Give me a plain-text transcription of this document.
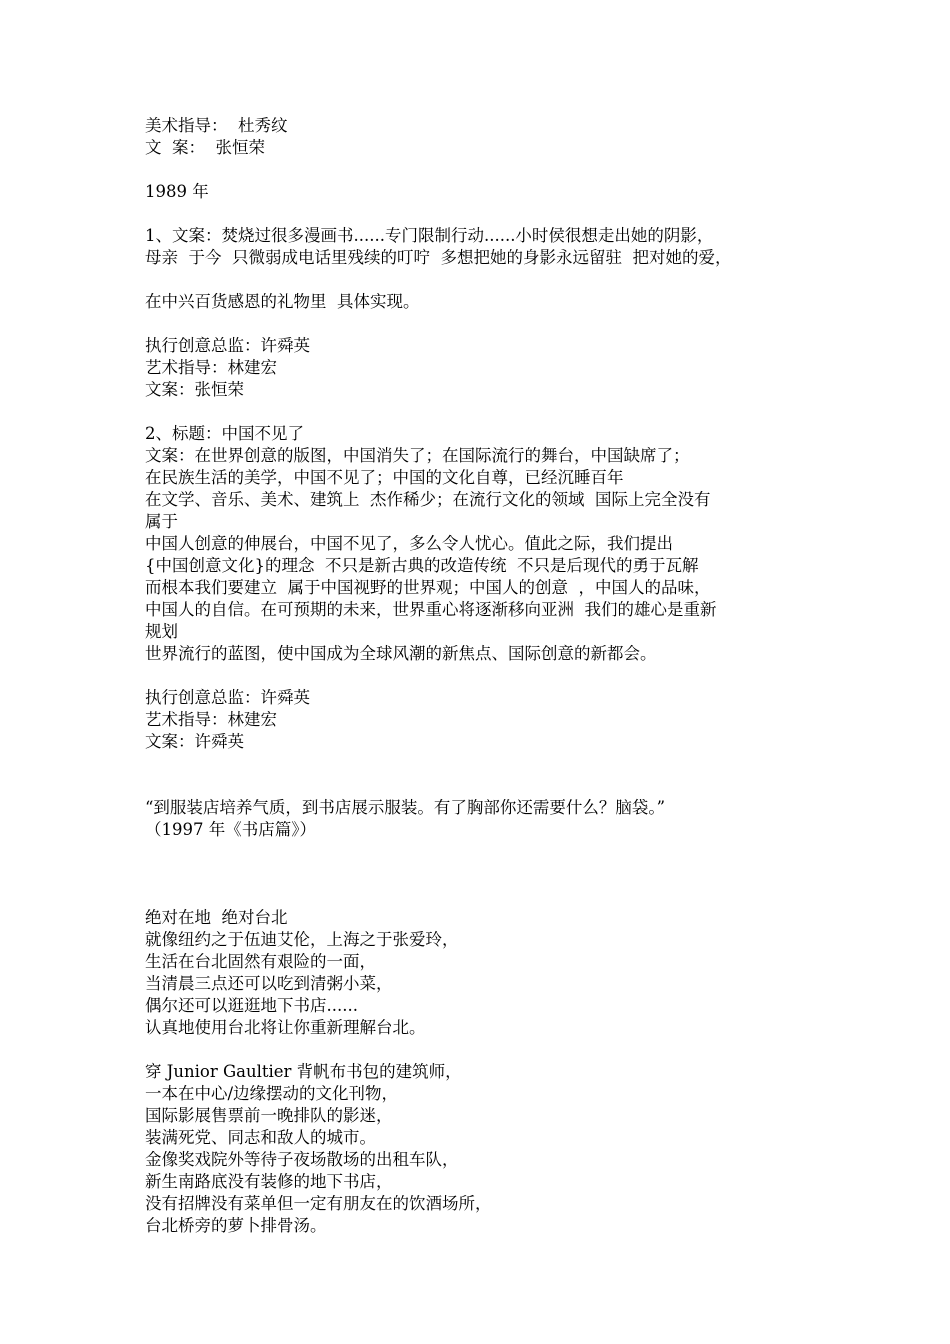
美术指导：  杜秀纹
文  案：  张恒荣
1989 年
1、文案：焚烧过很多漫画书......专门限制行动......小时侯很想走出她的阴影，
母亲  于今  只微弱成电话里残续的叮咛  多想把她的身影永远留驻  把对她的爱，
在中兴百货感恩的礼物里  具体实现。
执行创意总监：许舜英
艺术指导：林建宏
文案：张恒荣
2、标题：中国不见了
文案：在世界创意的版图，中国消失了；在国际流行的舞台，中国缺席了；
在民族生活的美学，中国不见了；中国的文化自尊，已经沉睡百年
在文学、音乐、美术、建筑上  杰作稀少；在流行文化的领域  国际上完全没有
属于
中国人创意的伸展台，中国不见了，多么令人忧心。值此之际，我们提出
{中国创意文化}的理念  不只是新古典的改造传统  不只是后现代的勇于瓦解
而根本我们要建立  属于中国视野的世界观；中国人的创意  ，中国人的品味，
中国人的自信。在可预期的未来，世界重心将逐渐移向亚洲  我们的雄心是重新
规划
世界流行的蓝图，使中国成为全球风潮的新焦点、国际创意的新都会。
执行创意总监：许舜英
艺术指导：林建宏
文案：许舜英
“到服装店培养气质，到书店展示服装。有了胸部你还需要什么？脑袋。”
（1997 年《书店篇》）
绝对在地  绝对台北
就像纽约之于伍迪艾伦，上海之于张爱玲，
生活在台北固然有艰险的一面，
当清晨三点还可以吃到清粥小菜，
偶尔还可以逛逛地下书店......
认真地使用台北将让你重新理解台北。
穿 Junior Gaultier 背帆布书包的建筑师，
一本在中心/边缘摆动的文化刊物，
国际影展售票前一晚排队的影迷，
装满死党、同志和敌人的城市。
金像奖戏院外等待子夜场散场的出租车队，
新生南路底没有装修的地下书店，
没有招牌没有菜单但一定有朋友在的饮酒场所，
台北桥旁的萝卜排骨汤。
